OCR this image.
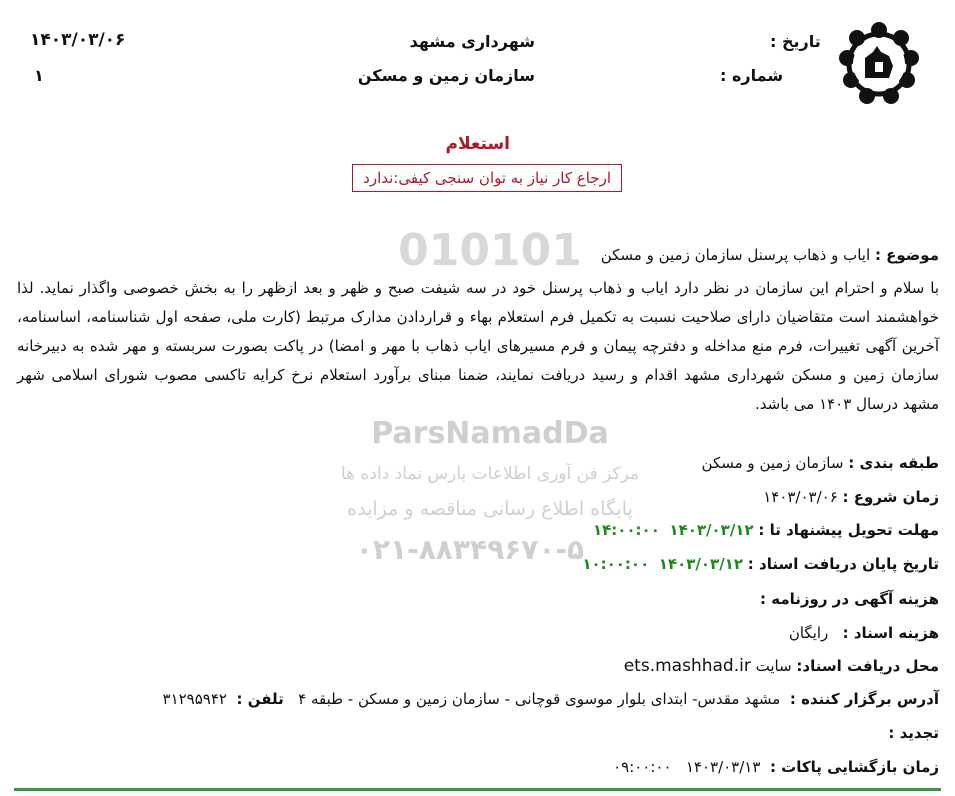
شهرداری مشهد
سازمان زمین و مسکن
تاریخ :
۱۴۰۳/۰۳/۰۶
شماره :
۱
استعلام
ارجاع کار نیاز به توان سنجی کیفی:ندارد
010101
ParsNamadDa
مرکز فن آوری اطلاعات پارس نماد داده ها
پایگاه اطلاع رسانی مناقصه و مزایده
۰۲۱-۸۸۳۴۹۶۷۰-۵
موضوع : ایاب و ذهاب پرسنل سازمان زمین و مسکن
با سلام و احترام این سازمان در نظر دارد ایاب و ذهاب پرسنل خود در سه شیفت صبح و ظهر و بعد ازظهر را به بخش خصوصی واگذار نماید. لذا خواهشمند است متقاضیان دارای صلاحیت نسبت به تکمیل فرم استعلام بهاء و قراردادن مدارک مرتبط (کارت ملی، صفحه اول شناسنامه، اساسنامه، آخرین آگهی تغییرات، فرم منع مداخله و دفترچه پیمان و فرم مسیرهای ایاب ذهاب با مهر و امضا) در پاکت بصورت سربسته و مهر شده به دبیرخانه سازمان زمین و مسکن شهرداری مشهد اقدام و رسید دریافت نمایند، ضمنا مبنای برآورد استعلام نرخ کرایه تاکسی مصوب شورای اسلامی شهر مشهد درسال ۱۴۰۳ می باشد.
طبقه بندی : سازمان زمین و مسکن
زمان شروع : ۱۴۰۳/۰۳/۰۶
مهلت تحویل پیشنهاد تا : ۱۴۰۳/۰۳/۱۲  ۱۴:۰۰:۰۰
تاریخ پایان دریافت اسناد : ۱۴۰۳/۰۳/۱۲  ۱۰:۰۰:۰۰
هزینه آگهی در روزنامه :
هزینه اسناد :   رایگان
محل دریافت اسناد: سایت ets.mashhad.ir
آدرس برگزار کننده :  مشهد مقدس- ابتدای بلوار موسوی قوچانی - سازمان زمین و مسکن - طبقه ۴   تلفن :  ۳۱۲۹۵۹۴۲
تجدید :
زمان بازگشایی پاکات :  ۱۴۰۳/۰۳/۱۳   ۰۹:۰۰:۰۰
